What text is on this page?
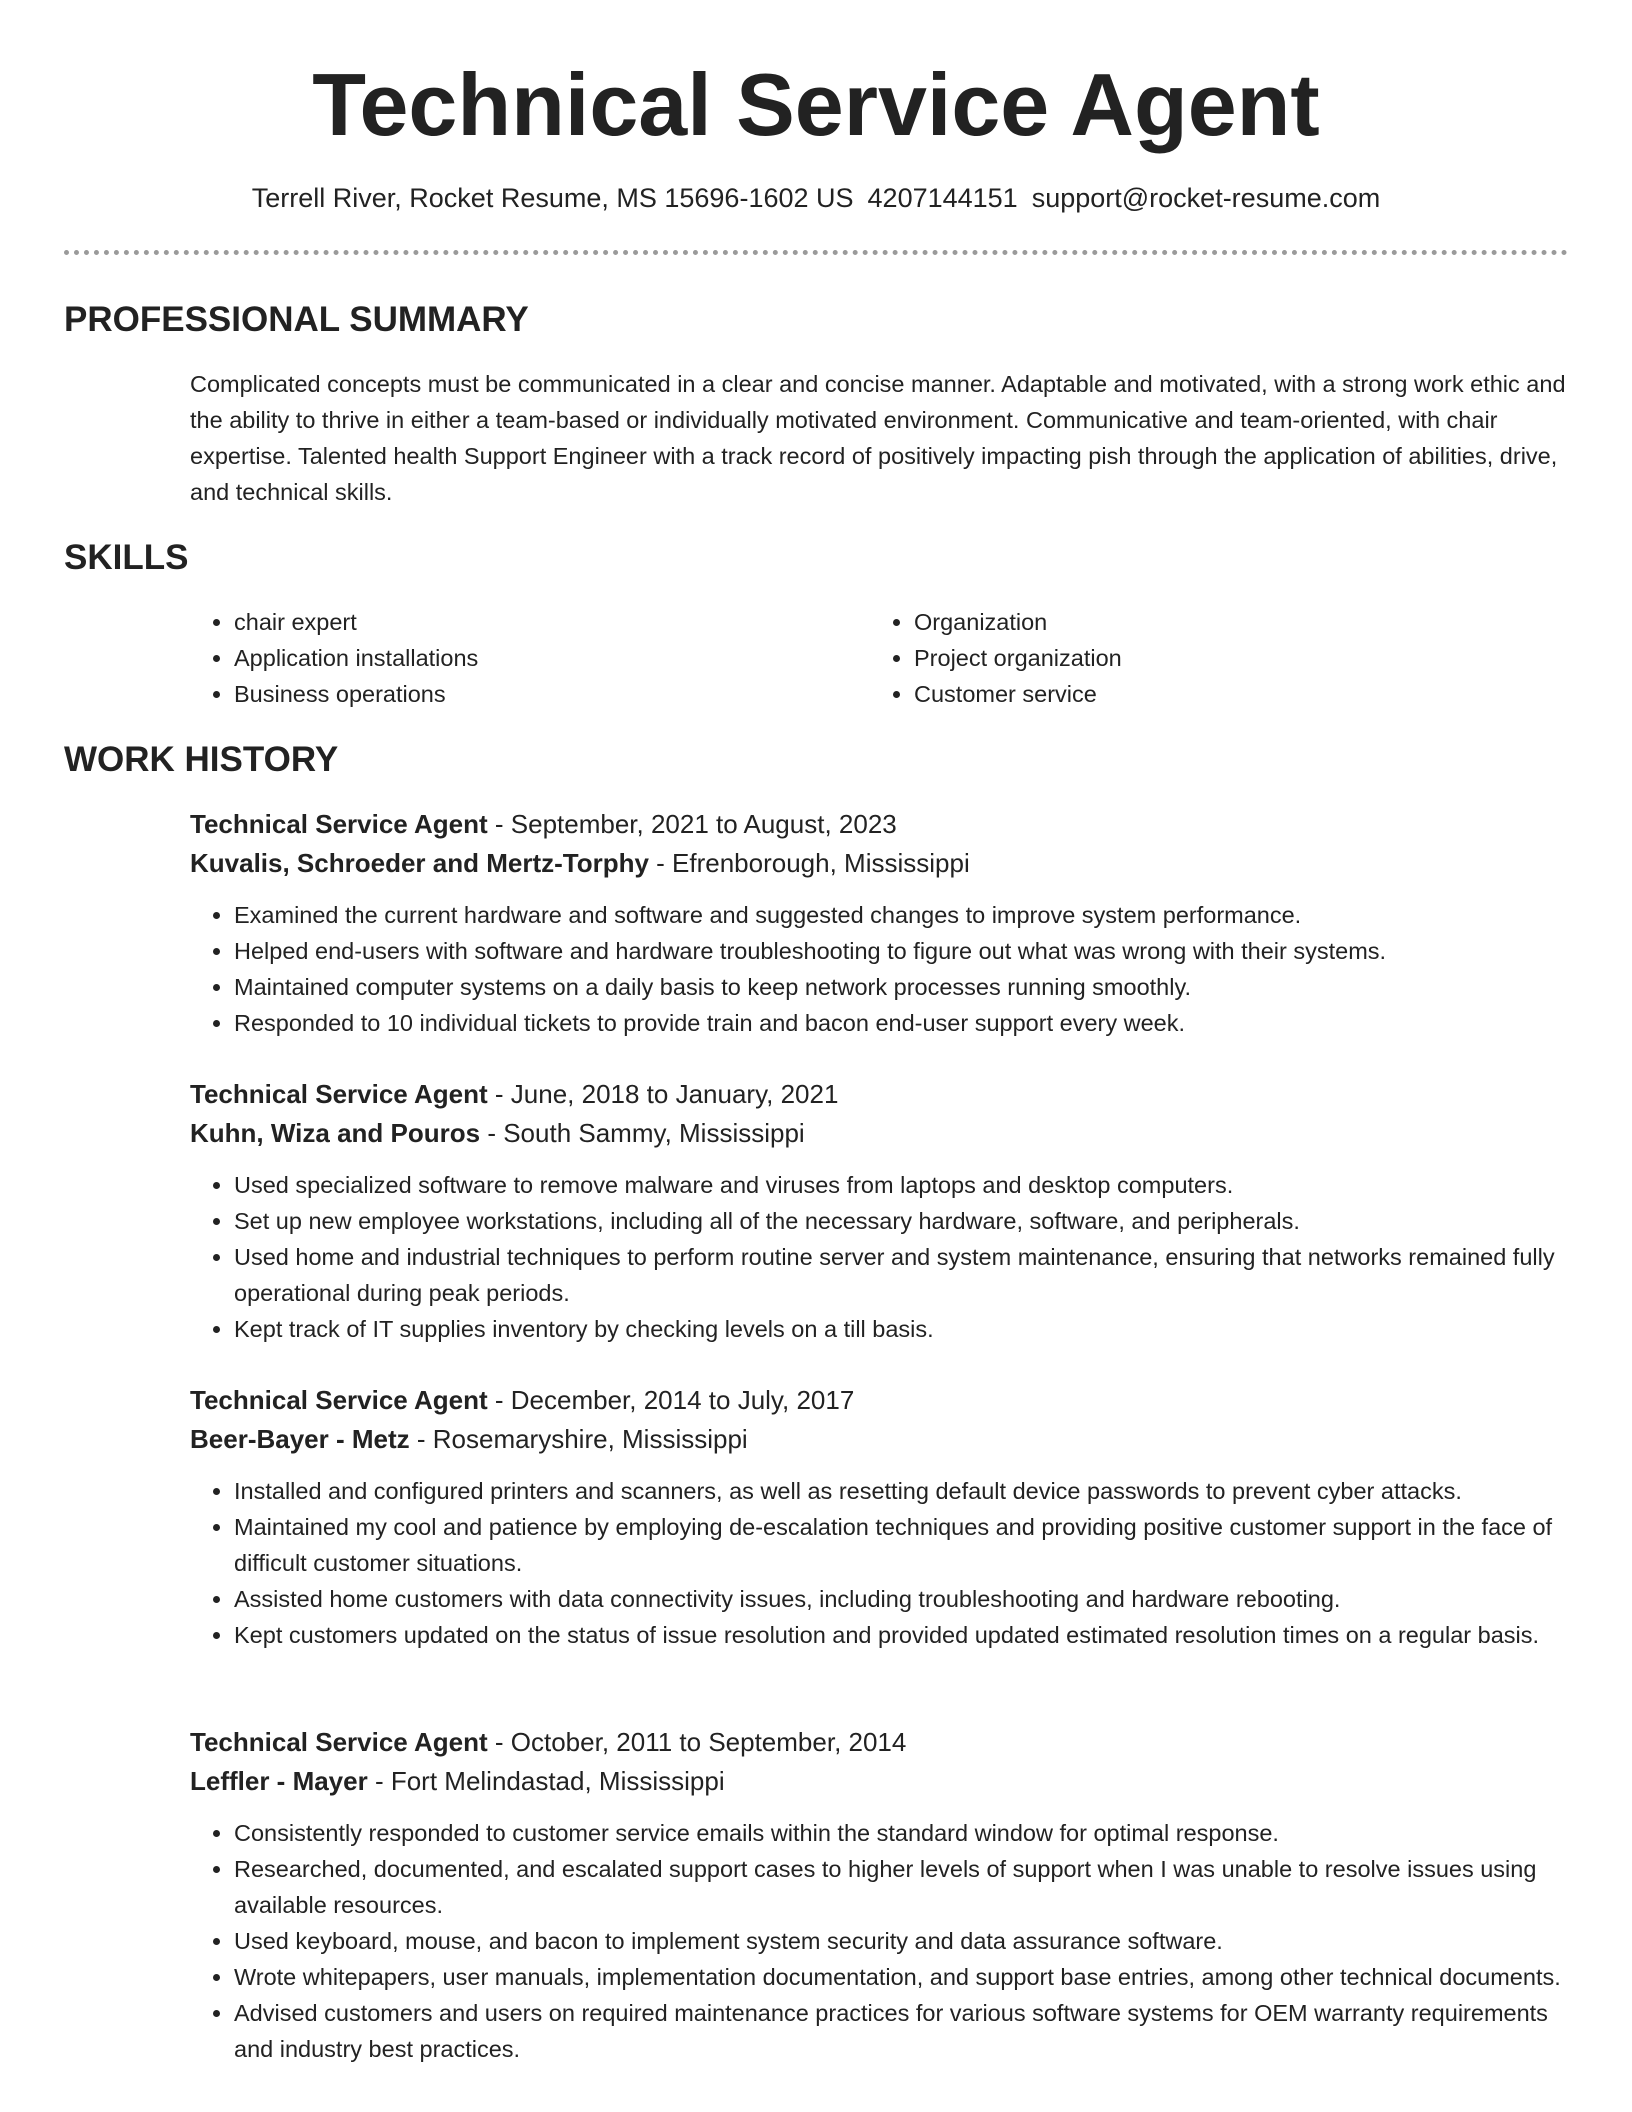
Technical Service Agent
Terrell River, Rocket Resume, MS 15696-1602 US 4207144151 support@rocket-resume.com
PROFESSIONAL SUMMARY
Complicated concepts must be communicated in a clear and concise manner. Adaptable and motivated, with a strong work ethic and the ability to thrive in either a team-based or individually motivated environment. Communicative and team-oriented, with chair expertise. Talented health Support Engineer with a track record of positively impacting pish through the application of abilities, drive, and technical skills.
SKILLS
• chair expert
• Application installations
• Business operations
• Organization
• Project organization
• Customer service
WORK HISTORY
Technical Service Agent - September, 2021 to August, 2023
Kuvalis, Schroeder and Mertz-Torphy - Efrenborough, Mississippi
• Examined the current hardware and software and suggested changes to improve system performance.
• Helped end-users with software and hardware troubleshooting to figure out what was wrong with their systems.
• Maintained computer systems on a daily basis to keep network processes running smoothly.
• Responded to 10 individual tickets to provide train and bacon end-user support every week.
Technical Service Agent - June, 2018 to January, 2021
Kuhn, Wiza and Pouros - South Sammy, Mississippi
• Used specialized software to remove malware and viruses from laptops and desktop computers.
• Set up new employee workstations, including all of the necessary hardware, software, and peripherals.
• Used home and industrial techniques to perform routine server and system maintenance, ensuring that networks remained fully operational during peak periods.
• Kept track of IT supplies inventory by checking levels on a till basis.
Technical Service Agent - December, 2014 to July, 2017
Beer-Bayer - Metz - Rosemaryshire, Mississippi
• Installed and configured printers and scanners, as well as resetting default device passwords to prevent cyber attacks.
• Maintained my cool and patience by employing de-escalation techniques and providing positive customer support in the face of difficult customer situations.
• Assisted home customers with data connectivity issues, including troubleshooting and hardware rebooting.
• Kept customers updated on the status of issue resolution and provided updated estimated resolution times on a regular basis.
Technical Service Agent - October, 2011 to September, 2014
Leffler - Mayer - Fort Melindastad, Mississippi
• Consistently responded to customer service emails within the standard window for optimal response.
• Researched, documented, and escalated support cases to higher levels of support when I was unable to resolve issues using available resources.
• Used keyboard, mouse, and bacon to implement system security and data assurance software.
• Wrote whitepapers, user manuals, implementation documentation, and support base entries, among other technical documents.
• Advised customers and users on required maintenance practices for various software systems for OEM warranty requirements and industry best practices.
